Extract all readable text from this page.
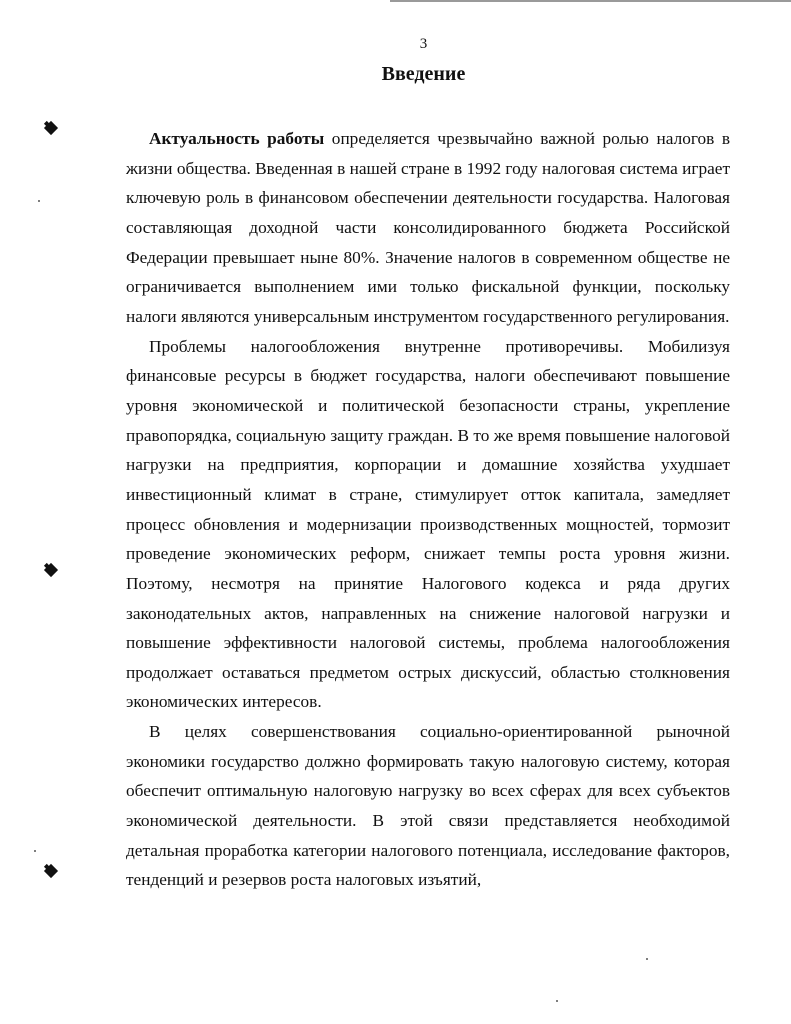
3
Введение

Актуальность работы определяется чрезвычайно важной ролью налогов в жизни общества. Введенная в нашей стране в 1992 году налоговая система играет ключевую роль в финансовом обеспечении деятельности государства. Налоговая составляющая доходной части консолидированного бюджета Российской Федерации превышает ныне 80%. Значение налогов в современном обществе не ограничивается выполнением ими только фискальной функции, поскольку налоги являются универсальным инструментом государственного регулирования.

Проблемы налогообложения внутренне противоречивы. Мобилизуя финансовые ресурсы в бюджет государства, налоги обеспечивают повышение уровня экономической и политической безопасности страны, укрепление правопорядка, социальную защиту граждан. В то же время повышение налоговой нагрузки на предприятия, корпорации и домашние хозяйства ухудшает инвестиционный климат в стране, стимулирует отток капитала, замедляет процесс обновления и модернизации производственных мощностей, тормозит проведение экономических реформ, снижает темпы роста уровня жизни. Поэтому, несмотря на принятие Налогового кодекса и ряда других законодательных актов, направленных на снижение налоговой нагрузки и повышение эффективности налоговой системы, проблема налогообложения продолжает оставаться предметом острых дискуссий, областью столкновения экономических интересов.

В целях совершенствования социально-ориентированной рыночной экономики государство должно формировать такую налоговую систему, которая обеспечит оптимальную налоговую нагрузку во всех сферах для всех субъектов экономической деятельности. В этой связи представляется необходимой детальная проработка категории налогового потенциала, исследование факторов, тенденций и резервов роста налоговых изъятий,
